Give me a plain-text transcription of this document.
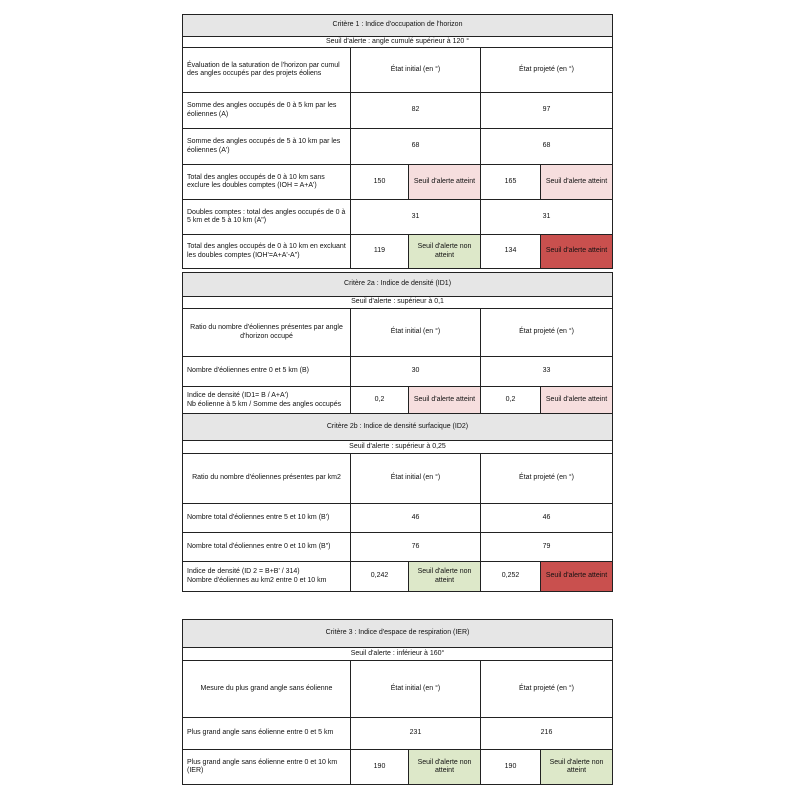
Critère 1 : Indice d'occupation de l'horizon				
Seuil d'alerte : angle cumulé supérieur à 120 °				
Évaluation de la saturation de l'horizon par cumul des angles occupés par des projets éoliens	État initial (en °)		État projeté (en °)	
Somme des angles occupés de 0 à 5 km par les éoliennes (A)	82		97	
Somme des angles occupés de 5 à 10 km par les éoliennes (A')	68		68	
Total des angles occupés de 0 à 10 km sans exclure les doubles comptes (IOH = A+A')	150	Seuil d'alerte atteint	165	Seuil d'alerte atteint
Doubles comptes : total des angles occupés de 0 à 5 km et de 5 à 10 km (A")	31		31	
Total des angles occupés de 0 à 10 km en excluant les doubles comptes (IOH'=A+A'-A")	119	Seuil d'alerte non atteint	134	Seuil d'alerte atteint
Critère 2a : Indice de densité (ID1)				
Seuil d'alerte : supérieur à 0,1				
Ratio du nombre d'éoliennes présentes par angle d'horizon occupé	État initial (en °)		État projeté (en °)	
Nombre d'éoliennes entre 0 et 5 km (B)	30		33	
Indice de densité (ID1= B / A+A')
Nb éolienne à 5 km / Somme des angles occupés	0,2	Seuil d'alerte atteint	0,2	Seuil d'alerte atteint
Critère 2b : Indice de densité surfacique (ID2)				
Seuil d'alerte : supérieur à 0,25				
Ratio du nombre d'éoliennes présentes par km2	État initial (en °)		État projeté (en °)	
Nombre total d'éoliennes entre 5 et 10 km (B')	46		46	
Nombre total d'éoliennes entre 0 et 10 km (B")	76		79	
Indice de densité (ID 2 = B+B' / 314)
Nombre d'éoliennes au km2 entre 0 et 10 km	0,242	Seuil d'alerte non atteint	0,252	Seuil d'alerte atteint
Critère 3 : Indice d'espace de respiration (IER)				
Seuil d'alerte : inférieur à 160°				
Mesure du plus grand angle sans éolienne	État initial (en °)		État projeté (en °)	
Plus grand angle sans éolienne entre 0 et 5 km	231		216	
Plus grand angle sans éolienne entre 0 et 10 km (IER)	190	Seuil d'alerte non atteint	190	Seuil d'alerte non atteint
